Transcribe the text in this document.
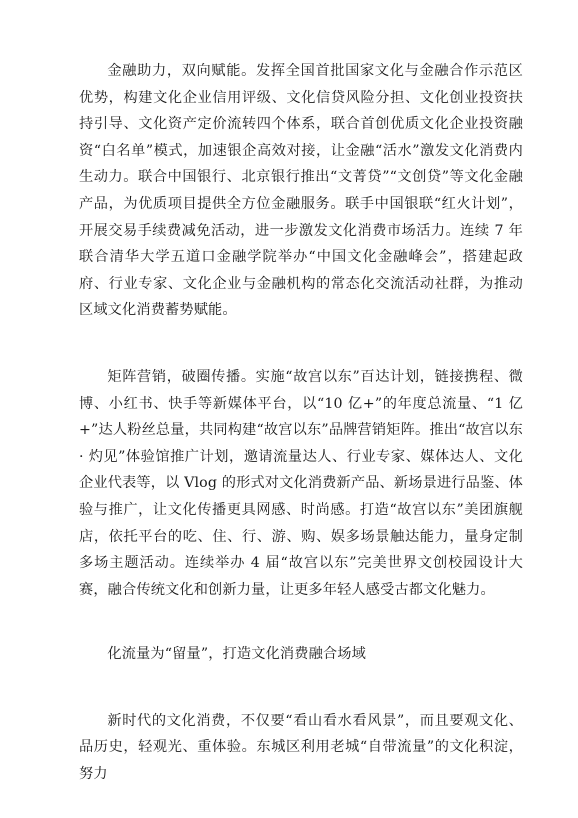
金融助力，双向赋能。发挥全国首批国家文化与金融合作示范区优势，构建文化企业信用评级、文化信贷风险分担、文化创业投资扶持引导、文化资产定价流转四个体系，联合首创优质文化企业投资融资“白名单”模式，加速银企高效对接，让金融“活水”激发文化消费内生动力。联合中国银行、北京银行推出“文菁贷”“文创贷”等文化金融产品，为优质项目提供全方位金融服务。联手中国银联“红火计划”，开展交易手续费减免活动，进一步激发文化消费市场活力。连续 7 年联合清华大学五道口金融学院举办“中国文化金融峰会”，搭建起政府、行业专家、文化企业与金融机构的常态化交流活动社群，为推动区域文化消费蓄势赋能。

矩阵营销，破圈传播。实施“故宫以东”百达计划，链接携程、微博、小红书、快手等新媒体平台，以“10 亿+”的年度总流量、“1 亿+”达人粉丝总量，共同构建“故宫以东”品牌营销矩阵。推出“故宫以东 · 灼见”体验馆推广计划，邀请流量达人、行业专家、媒体达人、文化企业代表等，以 Vlog 的形式对文化消费新产品、新场景进行品鉴、体验与推广，让文化传播更具网感、时尚感。打造“故宫以东”美团旗舰店，依托平台的吃、住、行、游、购、娱多场景触达能力，量身定制多场主题活动。连续举办 4 届“故宫以东”完美世界文创校园设计大赛，融合传统文化和创新力量，让更多年轻人感受古都文化魅力。

化流量为“留量”，打造文化消费融合场域

新时代的文化消费，不仅要“看山看水看风景”，而且要观文化、品历史，轻观光、重体验。东城区利用老城“自带流量”的文化积淀，努力
